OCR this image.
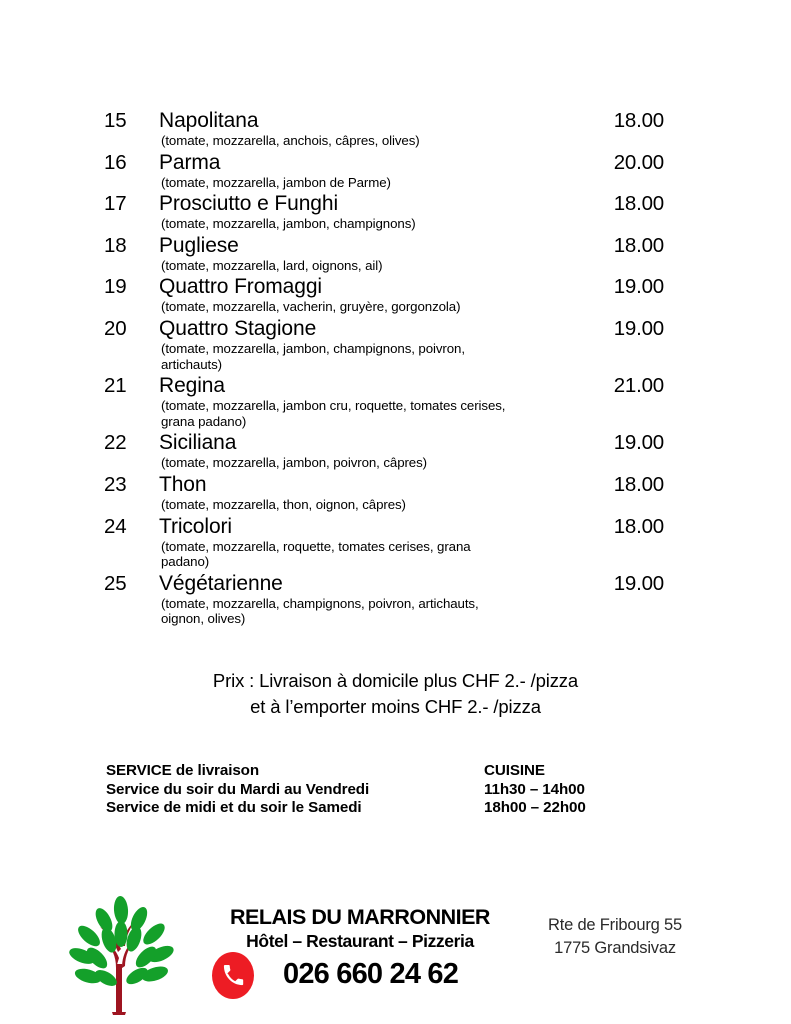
15	Napolitana	18.00
(tomate, mozzarella, anchois, câpres, olives)
16	Parma	20.00
(tomate, mozzarella, jambon de Parme)
17	Prosciutto e Funghi	18.00
(tomate, mozzarella, jambon, champignons)
18	Pugliese	18.00
(tomate, mozzarella, lard, oignons, ail)
19	Quattro Fromaggi	19.00
(tomate, mozzarella, vacherin, gruyère, gorgonzola)
20	Quattro Stagione	19.00
(tomate, mozzarella, jambon, champignons, poivron, artichauts)
21	Regina	21.00
(tomate, mozzarella, jambon cru, roquette, tomates cerises, grana padano)
22	Siciliana	19.00
(tomate, mozzarella, jambon, poivron, câpres)
23	Thon	18.00
(tomate, mozzarella, thon, oignon, câpres)
24	Tricolori	18.00
(tomate, mozzarella, roquette, tomates cerises, grana padano)
25	Végétarienne	19.00
(tomate, mozzarella, champignons, poivron, artichauts, oignon, olives)
Prix : Livraison à domicile plus CHF 2.- /pizza
et à l’emporter moins CHF 2.- /pizza
SERVICE de livraison	CUISINE
Service du soir du Mardi au Vendredi	11h30 – 14h00
Service de midi et du soir le Samedi	18h00 – 22h00
RELAIS DU MARRONNIER
Hôtel – Restaurant – Pizzeria
026 660 24 62
Rte de Fribourg 55
1775 Grandsivaz
